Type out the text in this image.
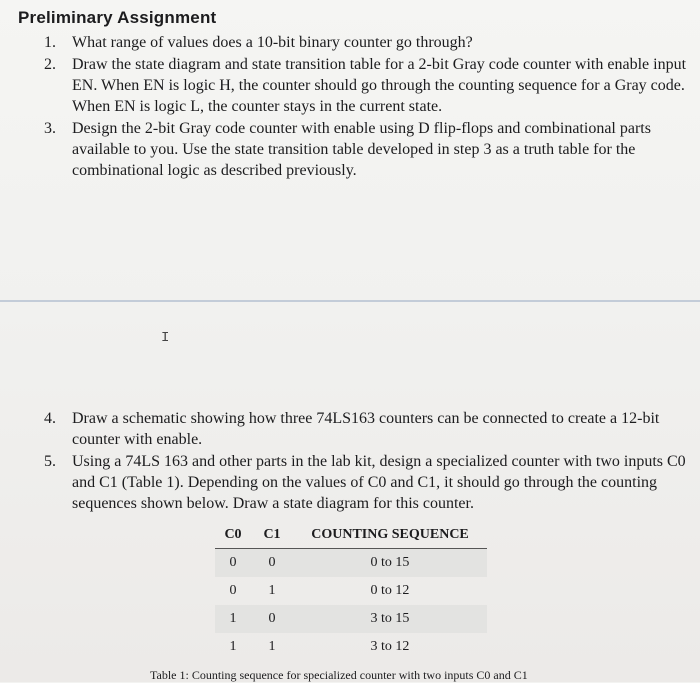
Preliminary Assignment
1. What range of values does a 10-bit binary counter go through?
2. Draw the state diagram and state transition table for a 2-bit Gray code counter with enable input EN. When EN is logic H, the counter should go through the counting sequence for a Gray code. When EN is logic L, the counter stays in the current state.
3. Design the 2-bit Gray code counter with enable using D flip-flops and combinational parts available to you. Use the state transition table developed in step 3 as a truth table for the combinational logic as described previously.
I
4. Draw a schematic showing how three 74LS163 counters can be connected to create a 12-bit counter with enable.
5. Using a 74LS 163 and other parts in the lab kit, design a specialized counter with two inputs C0 and C1 (Table 1). Depending on the values of C0 and C1, it should go through the counting sequences shown below. Draw a state diagram for this counter.
C0	C1	COUNTING SEQUENCE
0	0	0 to 15
0	1	0 to 12
1	0	3 to 15
1	1	3 to 12
Table 1: Counting sequence for specialized counter with two inputs C0 and C1
